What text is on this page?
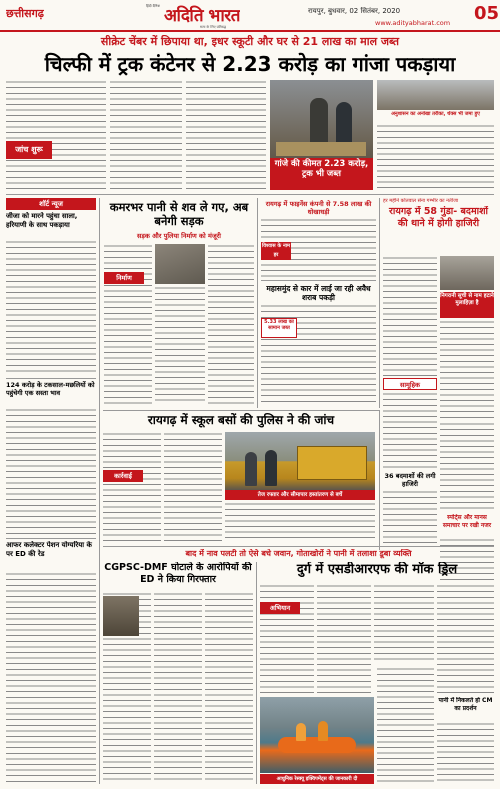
छत्तीसगढ़
हिंदी दैनिक अदिति भारत
सत्य के लिए प्रतिबद्ध
रायपुर, बुधवार, 02 सितंबर, 2020
www.adityabharat.com 05
सीक्रेट चेंबर में छिपाया था, इधर स्कूटी और घर से 21 लाख का माल जब्त
चिल्फी में ट्रक कंटेनर से 2.23 करोड़ का गांजा पकड़ाया
जांच शुरू
गांजे की कीमत 2.23 करोड़, ट्रक भी जब्त
अनुशासन का अनोखा तरीका, थेंक्स भी जमा हुए
शॉर्ट न्यूज
जीजा को मारने पहुंचा साला, हरियाणी के साथ पकड़ाया
124 करोड़ के टकसाल-मछलियों को पहुंचेगी एक सस्ता भाव
आफर कलेक्टर पेशन योग्यरिया के पर ED की रेड
कमरभर पानी से शव ले गए, अब बनेगी सड़क
सड़क और पुलिया निर्माण को मंजूरी
निर्माण
रायगढ़ में फाइनेंस कंपनी से 7.58 लाख की धोखाधड़ी
विश्वास के नाम हर
महासमुंद से कार में लाई जा रही अवैध शराब पकड़ी
5.33 लाख का सामान जब्त
हर महीने कोतवाल सेना गम्भीर का नतीजा
रायगढ़ में 58 गुंडा- बदमाशों की थाने में होगी हाजिरी
निगरानी सूची से नाम हटाने मुलाहिज़ा है
सामूहिक
36 बदमाशों की लगी हाजिरी
स्पोर्ट्स और मानस समाचार पर रखी नजर
रायगढ़ में स्कूल बसों की पुलिस ने की जांच
कार्रवाई
तेज रफ्तार और सीमापार हस्तांतरण से बचें
बाद में नाव पलटी तो ऐसे बचे जवान, गोताखोरों ने पानी में तलाशा डूबा व्यक्ति
CGPSC-DMF घोटाले के आरोपियों की ED ने किया गिरफ्तार
दुर्ग में एसडीआरएफ की मॉक ड्रिल
अभियान
आधुनिक रेस्क्यू इक्विपमेंट्स की जानकारी दी
पानी में निकलते हो CM का प्रदर्शन
